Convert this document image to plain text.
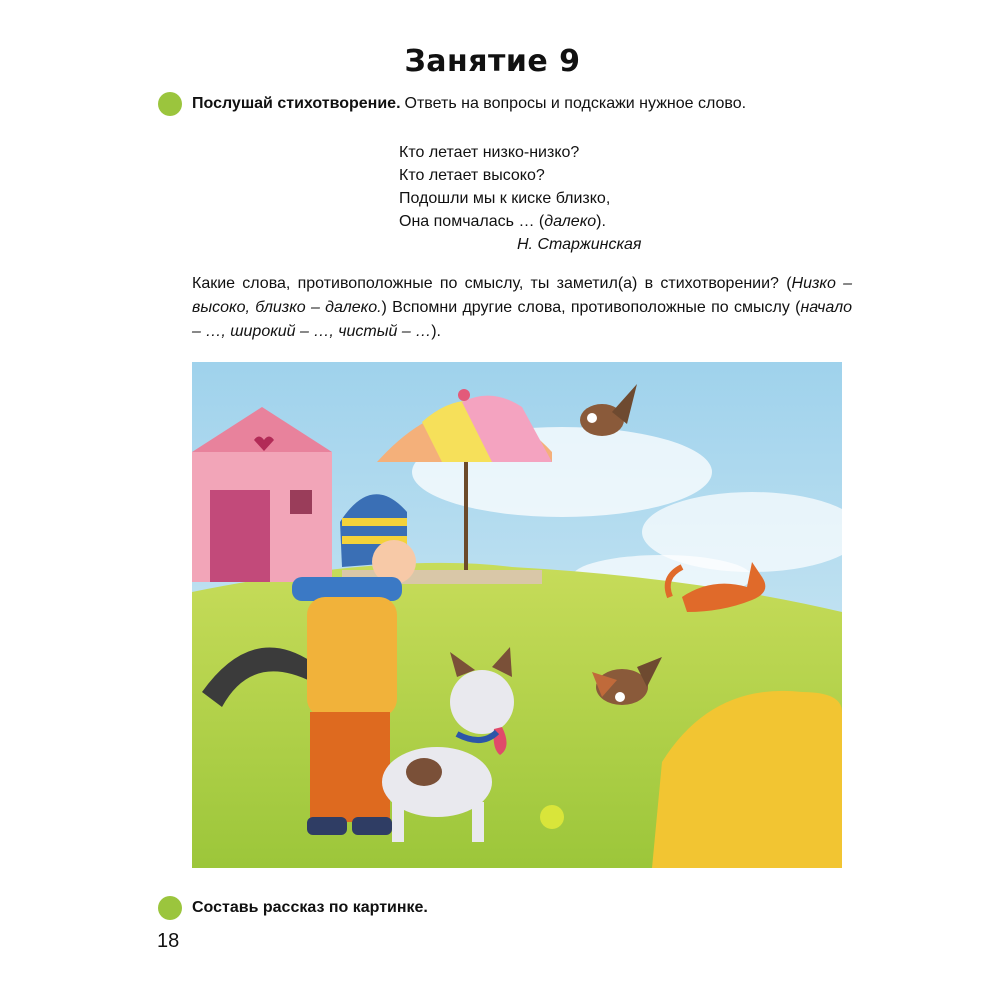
Занятие 9
Послушай стихотворение. Ответь на вопросы и подскажи нужное слово.
Кто летает низко-низко?
Кто летает высоко?
Подошли мы к киске близко,
Она помчалась … (далеко).
Н. Старжинская
Какие слова, противоположные по смыслу, ты заметил(а) в стихотворении? (Низко – высоко, близко – далеко.) Вспомни другие слова, противоположные по смыслу (начало – …, широкий – …, чистый – …).
Составь рассказ по картинке.
18
